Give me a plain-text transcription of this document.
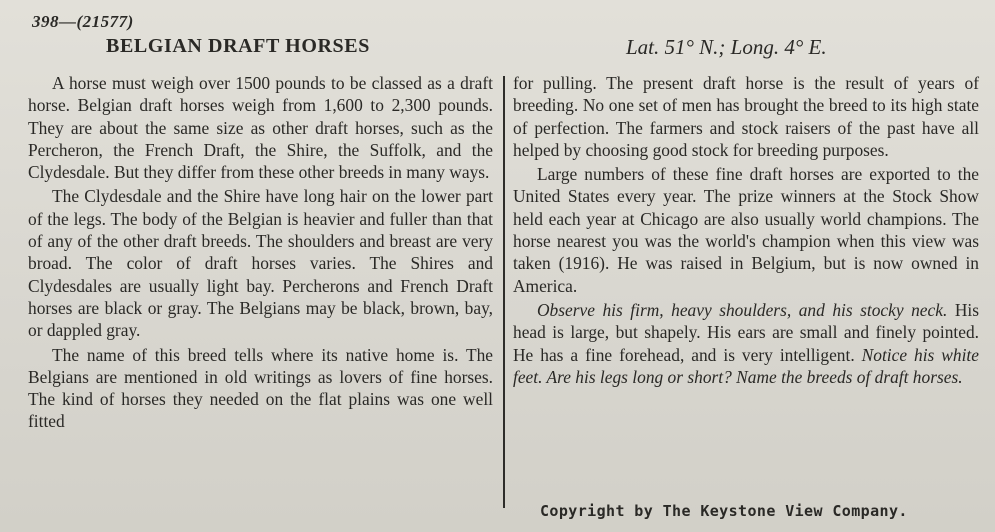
398—(21577)
BELGIAN DRAFT HORSES	Lat. 51° N.; Long. 4° E.

A horse must weigh over 1500 pounds to be classed as a draft horse. Belgian draft horses weigh from 1,600 to 2,300 pounds. They are about the same size as other draft horses, such as the Percheron, the French Draft, the Shire, the Suffolk, and the Clydesdale. But they differ from these other breeds in many ways.

The Clydesdale and the Shire have long hair on the lower part of the legs. The body of the Belgian is heavier and fuller than that of any of the other draft breeds. The shoulders and breast are very broad. The color of draft horses varies. The Shires and Clydesdales are usually light bay. Percherons and French Draft horses are black or gray. The Belgians may be black, brown, bay, or dappled gray.

The name of this breed tells where its native home is. The Belgians are mentioned in old writings as lovers of fine horses. The kind of horses they needed on the flat plains was one well fitted

for pulling. The present draft horse is the result of years of breeding. No one set of men has brought the breed to its high state of perfection. The farmers and stock raisers of the past have all helped by choosing good stock for breeding purposes.

Large numbers of these fine draft horses are exported to the United States every year. The prize winners at the Stock Show held each year at Chicago are also usually world champions. The horse nearest you was the world's champion when this view was taken (1916). He was raised in Belgium, but is now owned in America.

Observe his firm, heavy shoulders, and his stocky neck. His head is large, but shapely. His ears are small and finely pointed. He has a fine forehead, and is very intelligent. Notice his white feet. Are his legs long or short? Name the breeds of draft horses.

Copyright by The Keystone View Company.
